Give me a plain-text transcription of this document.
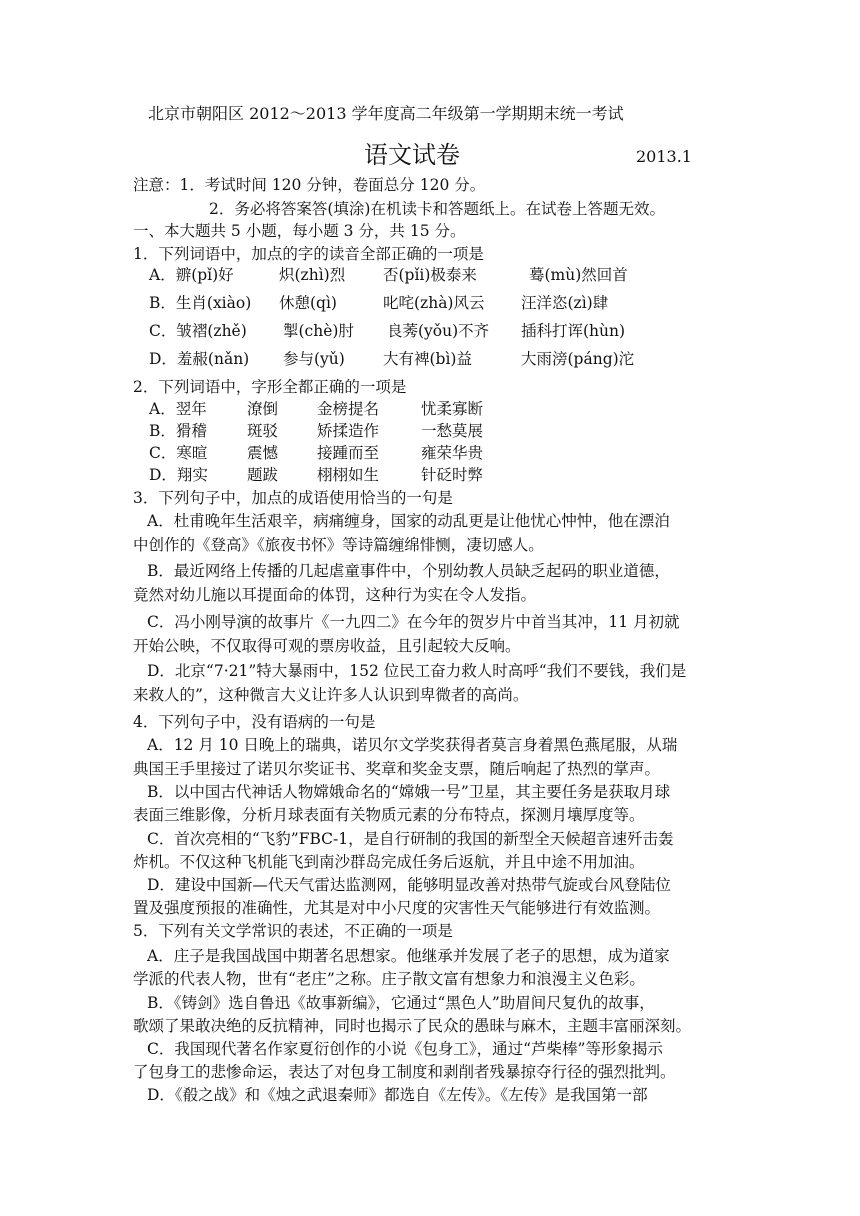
北京市朝阳区 2012～2013 学年度高二年级第一学期期末统一考试
语文试卷	2013.1
注意：1．考试时间 120 分钟，卷面总分 120 分。
2．务必将答案答(填涂)在机读卡和答题纸上。在试卷上答题无效。
一、本大题共 5 小题，每小题 3 分，共 15 分。
1．下列词语中，加点的字的读音全部正确的一项是
A．辧(pǐ)好	炽(zhì)烈 否(pǐi)极泰来	蓦(mù)然回首
B．生肖(xiào) 休憩(qì)	叱咤(zhà)风云 汪洋恣(zì)肆
C．皱褶(zhě) 掣(chè)肘 良莠(yǒu)不齐 插科打诨(hùn)
D．羞赧(nǎn) 参与(yǔ) 大有裨(bì)益	大雨滂(páng)沱
2．下列词语中，字形全都正确的一项是
A．翌年	潦倒	金榜提名	忧柔寡断
B．猾稽	斑驳	矫揉造作	一愁莫展
C．寒暄	震憾	接踵而至	雍荣华贵
D．翔实	题跋	栩栩如生	针砭时弊
3．下列句子中，加点的成语使用恰当的一句是
A．杜甫晚年生活艰辛，病痛缠身，国家的动乱更是让他忧心忡忡，他在漂泊
中创作的《登高》《旅夜书怀》等诗篇缠绵悱恻，凄切感人。
B．最近网络上传播的几起虐童事件中，个别幼教人员缺乏起码的职业道德，
竟然对幼儿施以耳提面命的体罚，这种行为实在令人发指。
C．冯小刚导演的故事片《一九四二》在今年的贺岁片中首当其冲，11 月初就
开始公映，不仅取得可观的票房收益，且引起较大反响。
D．北京“7·21”特大暴雨中，152 位民工奋力救人时高呼“我们不要钱，我们是
来救人的”，这种微言大义让许多人认识到卑微者的高尚。
4．下列句子中，没有语病的一句是
A．12 月 10 日晚上的瑞典，诺贝尔文学奖获得者莫言身着黑色燕尾服，从瑞
典国王手里接过了诺贝尔奖证书、奖章和奖金支票，随后响起了热烈的掌声。
B．以中国古代神话人物嫦娥命名的“嫦娥一号”卫星，其主要任务是获取月球
表面三维影像，分析月球表面有关物质元素的分布特点，探测月壤厚度等。
C．首次亮相的“飞豹”FBC-1，是自行研制的我国的新型全天候超音速歼击轰
炸机。不仅这种飞机能飞到南沙群岛完成任务后返航，并且中途不用加油。
D．建设中国新—代天气雷达监测网，能够明显改善对热带气旋或台风登陆位
置及强度预报的准确性，尤其是对中小尺度的灾害性天气能够进行有效监测。
5．下列有关文学常识的表述，不正确的一项是
A．庄子是我国战国中期著名思想家。他继承并发展了老子的思想，成为道家
学派的代表人物，世有“老庄”之称。庄子散文富有想象力和浪漫主义色彩。
B．《铸剑》选自鲁迅《故事新编》，它通过“黑色人”助眉间尺复仇的故事，
歌颂了果敢决绝的反抗精神，同时也揭示了民众的愚昧与麻木，主题丰富丽深刻。
C．我国现代著名作家夏衍创作的小说《包身工》，通过“芦柴棒”等形象揭示
了包身工的悲惨命运，表达了对包身工制度和剥削者残暴掠夺行径的强烈批判。
D．《殽之战》和《烛之武退秦师》都选自《左传》。《左传》是我国第一部
